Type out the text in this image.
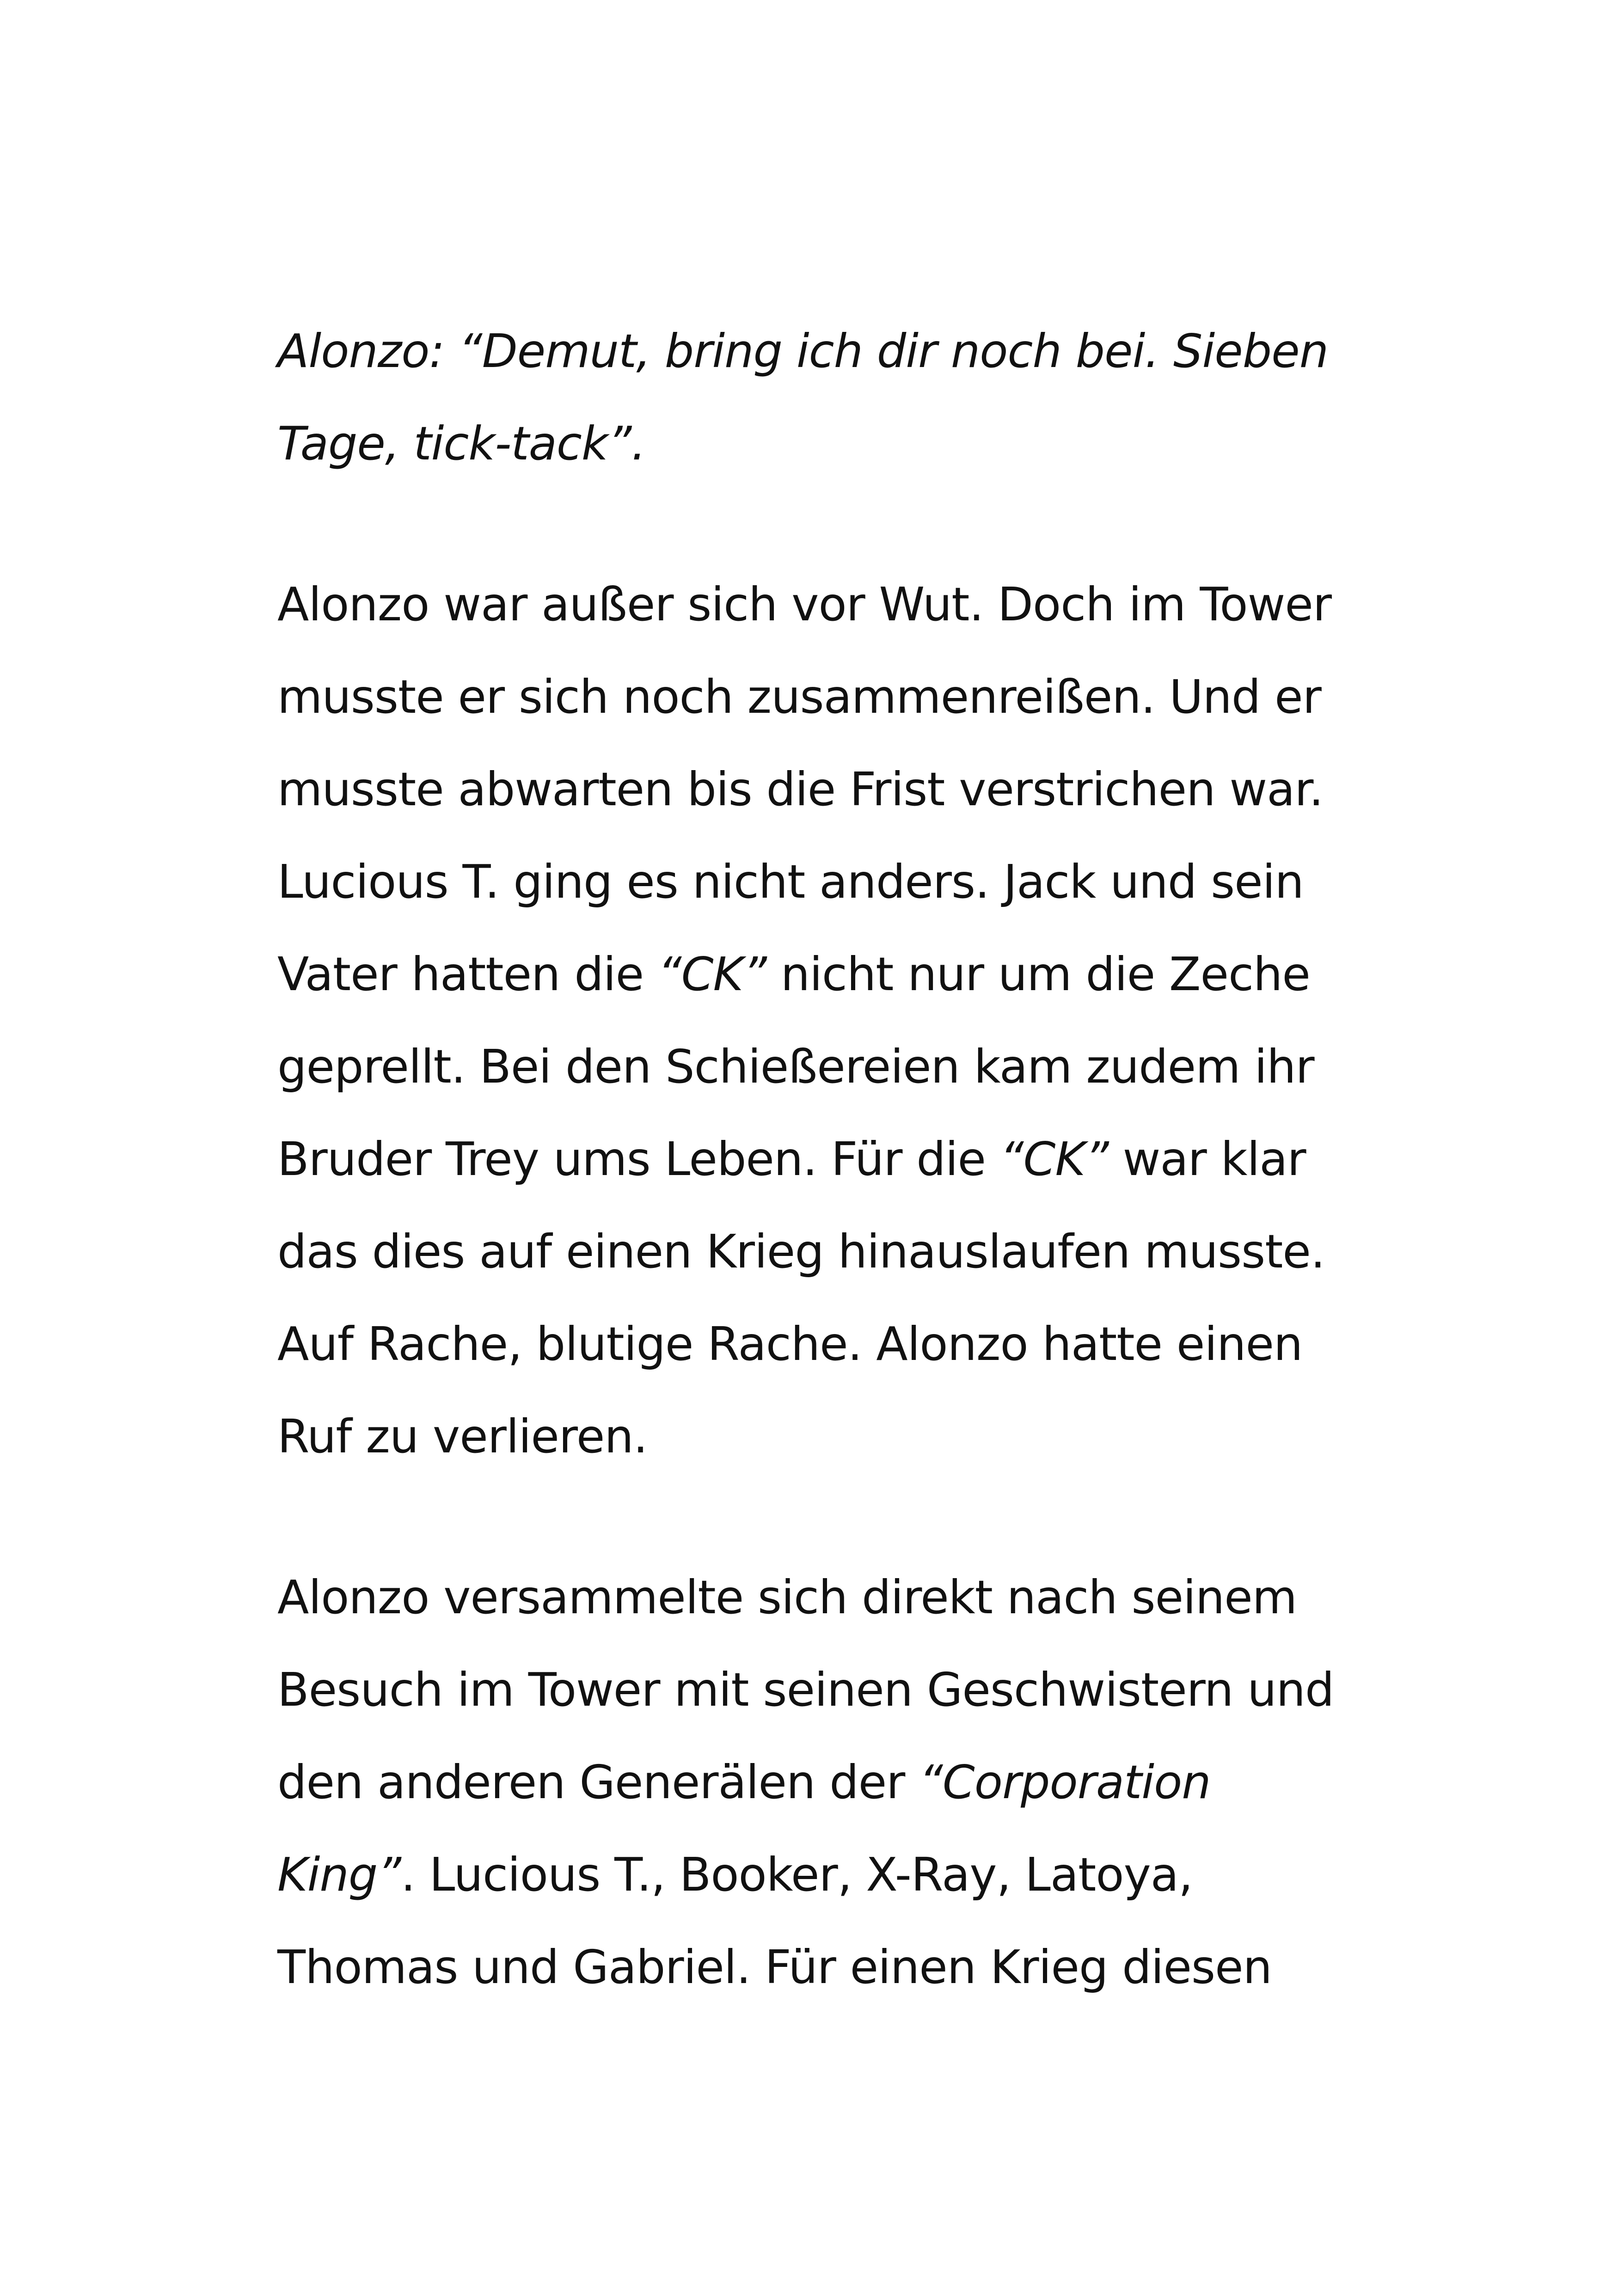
Alonzo: “Demut, bring ich dir noch bei. Sieben
Tage, tick-tack”.
Alonzo war außer sich vor Wut. Doch im Tower
musste er sich noch zusammenreißen. Und er
musste abwarten bis die Frist verstrichen war.
Lucious T. ging es nicht anders. Jack und sein
Vater hatten die “CK” nicht nur um die Zeche
geprellt. Bei den Schießereien kam zudem ihr
Bruder Trey ums Leben. Für die “CK” war klar
das dies auf einen Krieg hinauslaufen musste.
Auf Rache, blutige Rache. Alonzo hatte einen
Ruf zu verlieren.
Alonzo versammelte sich direkt nach seinem
Besuch im Tower mit seinen Geschwistern und
den anderen Generälen der “Corporation
King”. Lucious T., Booker, X-Ray, Latoya,
Thomas und Gabriel. Für einen Krieg diesen
